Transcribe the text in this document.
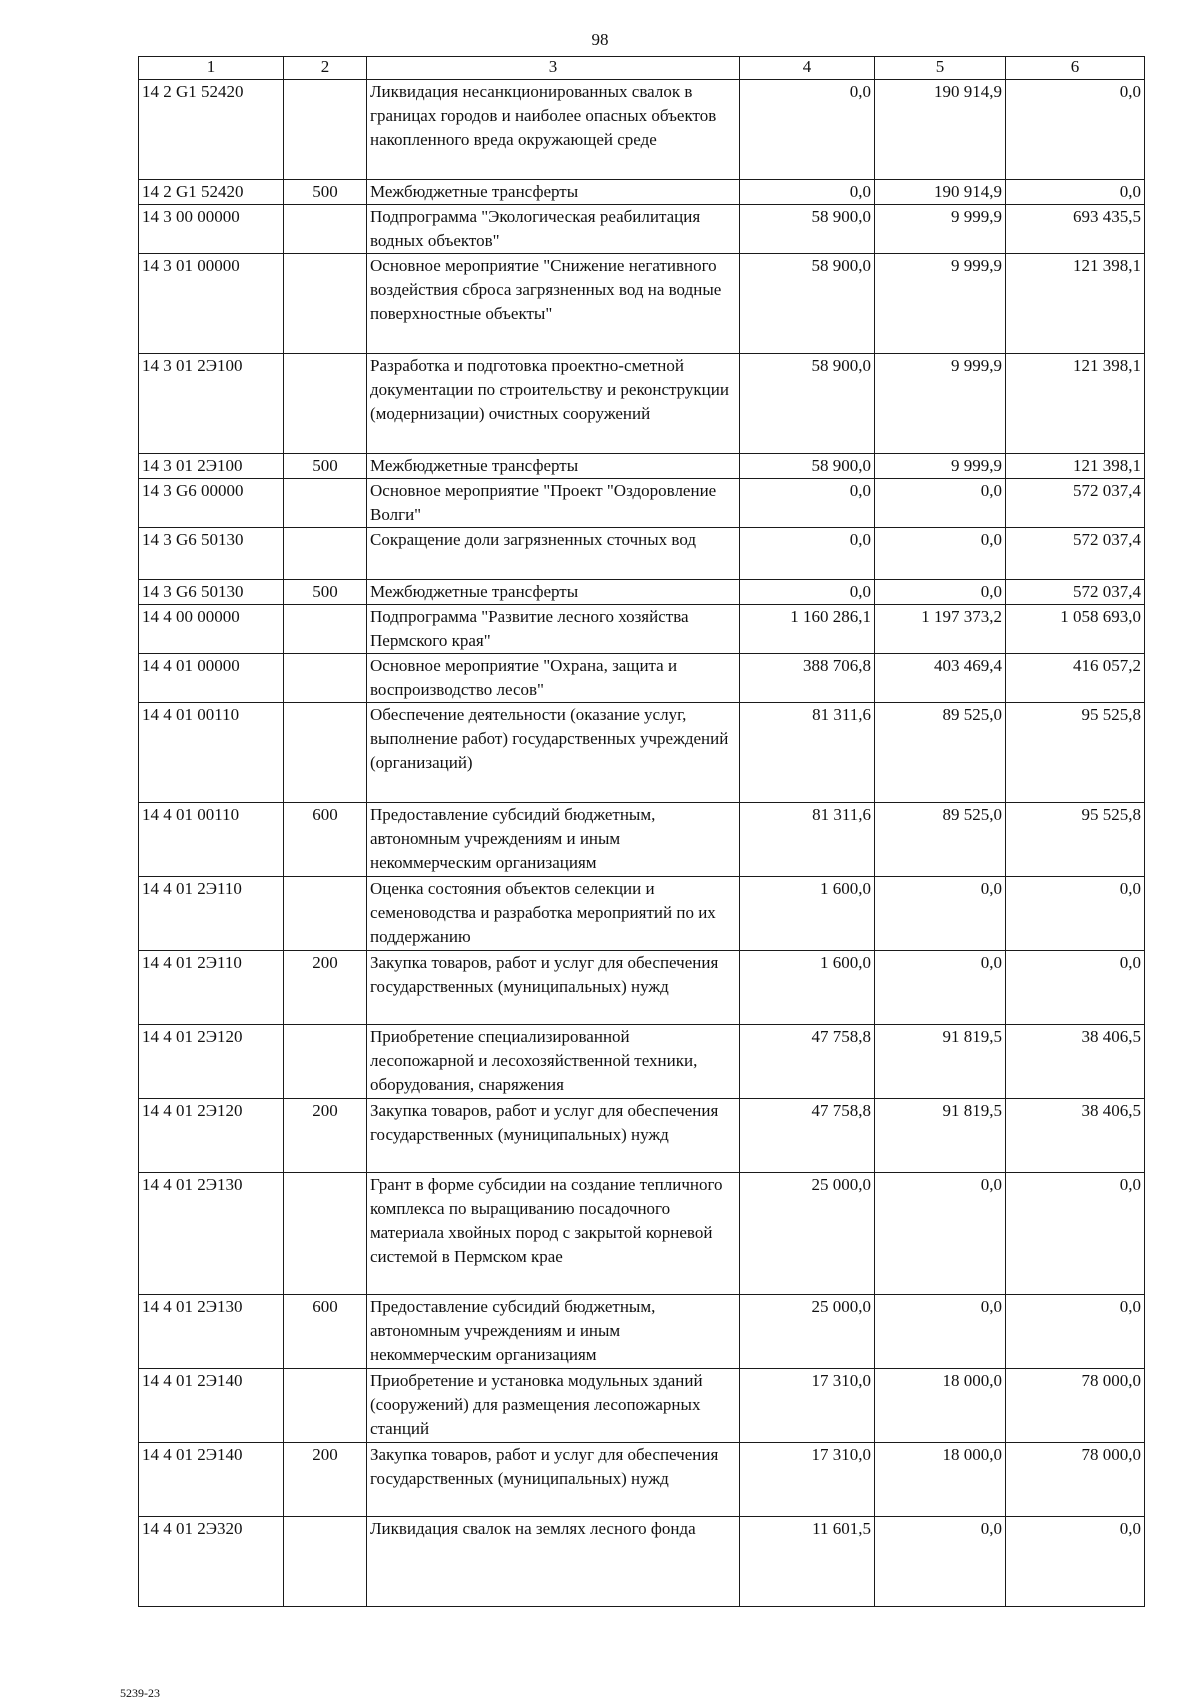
98
1	2	3	4	5	6
14 2 G1 52420		Ликвидация несанкционированных свалок в границах городов и наиболее опасных объектов накопленного вреда окружающей среде	0,0	190 914,9	0,0
14 2 G1 52420	500	Межбюджетные трансферты	0,0	190 914,9	0,0
14 3 00 00000		Подпрограмма "Экологическая реабилитация водных объектов"	58 900,0	9 999,9	693 435,5
14 3 01 00000		Основное мероприятие "Снижение негативного воздействия сброса загрязненных вод на водные поверхностные объекты"	58 900,0	9 999,9	121 398,1
14 3 01 2Э100		Разработка и подготовка проектно-сметной документации по строительству и реконструкции (модернизации) очистных сооружений	58 900,0	9 999,9	121 398,1
14 3 01 2Э100	500	Межбюджетные трансферты	58 900,0	9 999,9	121 398,1
14 3 G6 00000		Основное мероприятие "Проект "Оздоровление Волги"	0,0	0,0	572 037,4
14 3 G6 50130		Сокращение доли загрязненных сточных вод	0,0	0,0	572 037,4
14 3 G6 50130	500	Межбюджетные трансферты	0,0	0,0	572 037,4
14 4 00 00000		Подпрограмма "Развитие лесного хозяйства Пермского края"	1 160 286,1	1 197 373,2	1 058 693,0
14 4 01 00000		Основное мероприятие "Охрана, защита и воспроизводство лесов"	388 706,8	403 469,4	416 057,2
14 4 01 00110		Обеспечение деятельности (оказание услуг, выполнение работ) государственных учреждений (организаций)	81 311,6	89 525,0	95 525,8
14 4 01 00110	600	Предоставление субсидий бюджетным, автономным учреждениям и иным некоммерческим организациям	81 311,6	89 525,0	95 525,8
14 4 01 2Э110		Оценка состояния объектов селекции и семеноводства и разработка мероприятий по их поддержанию	1 600,0	0,0	0,0
14 4 01 2Э110	200	Закупка товаров, работ и услуг для обеспечения государственных (муниципальных) нужд	1 600,0	0,0	0,0
14 4 01 2Э120		Приобретение специализированной лесопожарной и лесохозяйственной техники, оборудования, снаряжения	47 758,8	91 819,5	38 406,5
14 4 01 2Э120	200	Закупка товаров, работ и услуг для обеспечения государственных (муниципальных) нужд	47 758,8	91 819,5	38 406,5
14 4 01 2Э130		Грант в форме субсидии на создание тепличного комплекса по выращиванию посадочного материала хвойных пород с закрытой корневой системой в Пермском крае	25 000,0	0,0	0,0
14 4 01 2Э130	600	Предоставление субсидий бюджетным, автономным учреждениям и иным некоммерческим организациям	25 000,0	0,0	0,0
14 4 01 2Э140		Приобретение и установка модульных зданий (сооружений) для размещения лесопожарных станций	17 310,0	18 000,0	78 000,0
14 4 01 2Э140	200	Закупка товаров, работ и услуг для обеспечения государственных (муниципальных) нужд	17 310,0	18 000,0	78 000,0
14 4 01 2Э320		Ликвидация свалок на землях лесного фонда	11 601,5	0,0	0,0
5239-23
